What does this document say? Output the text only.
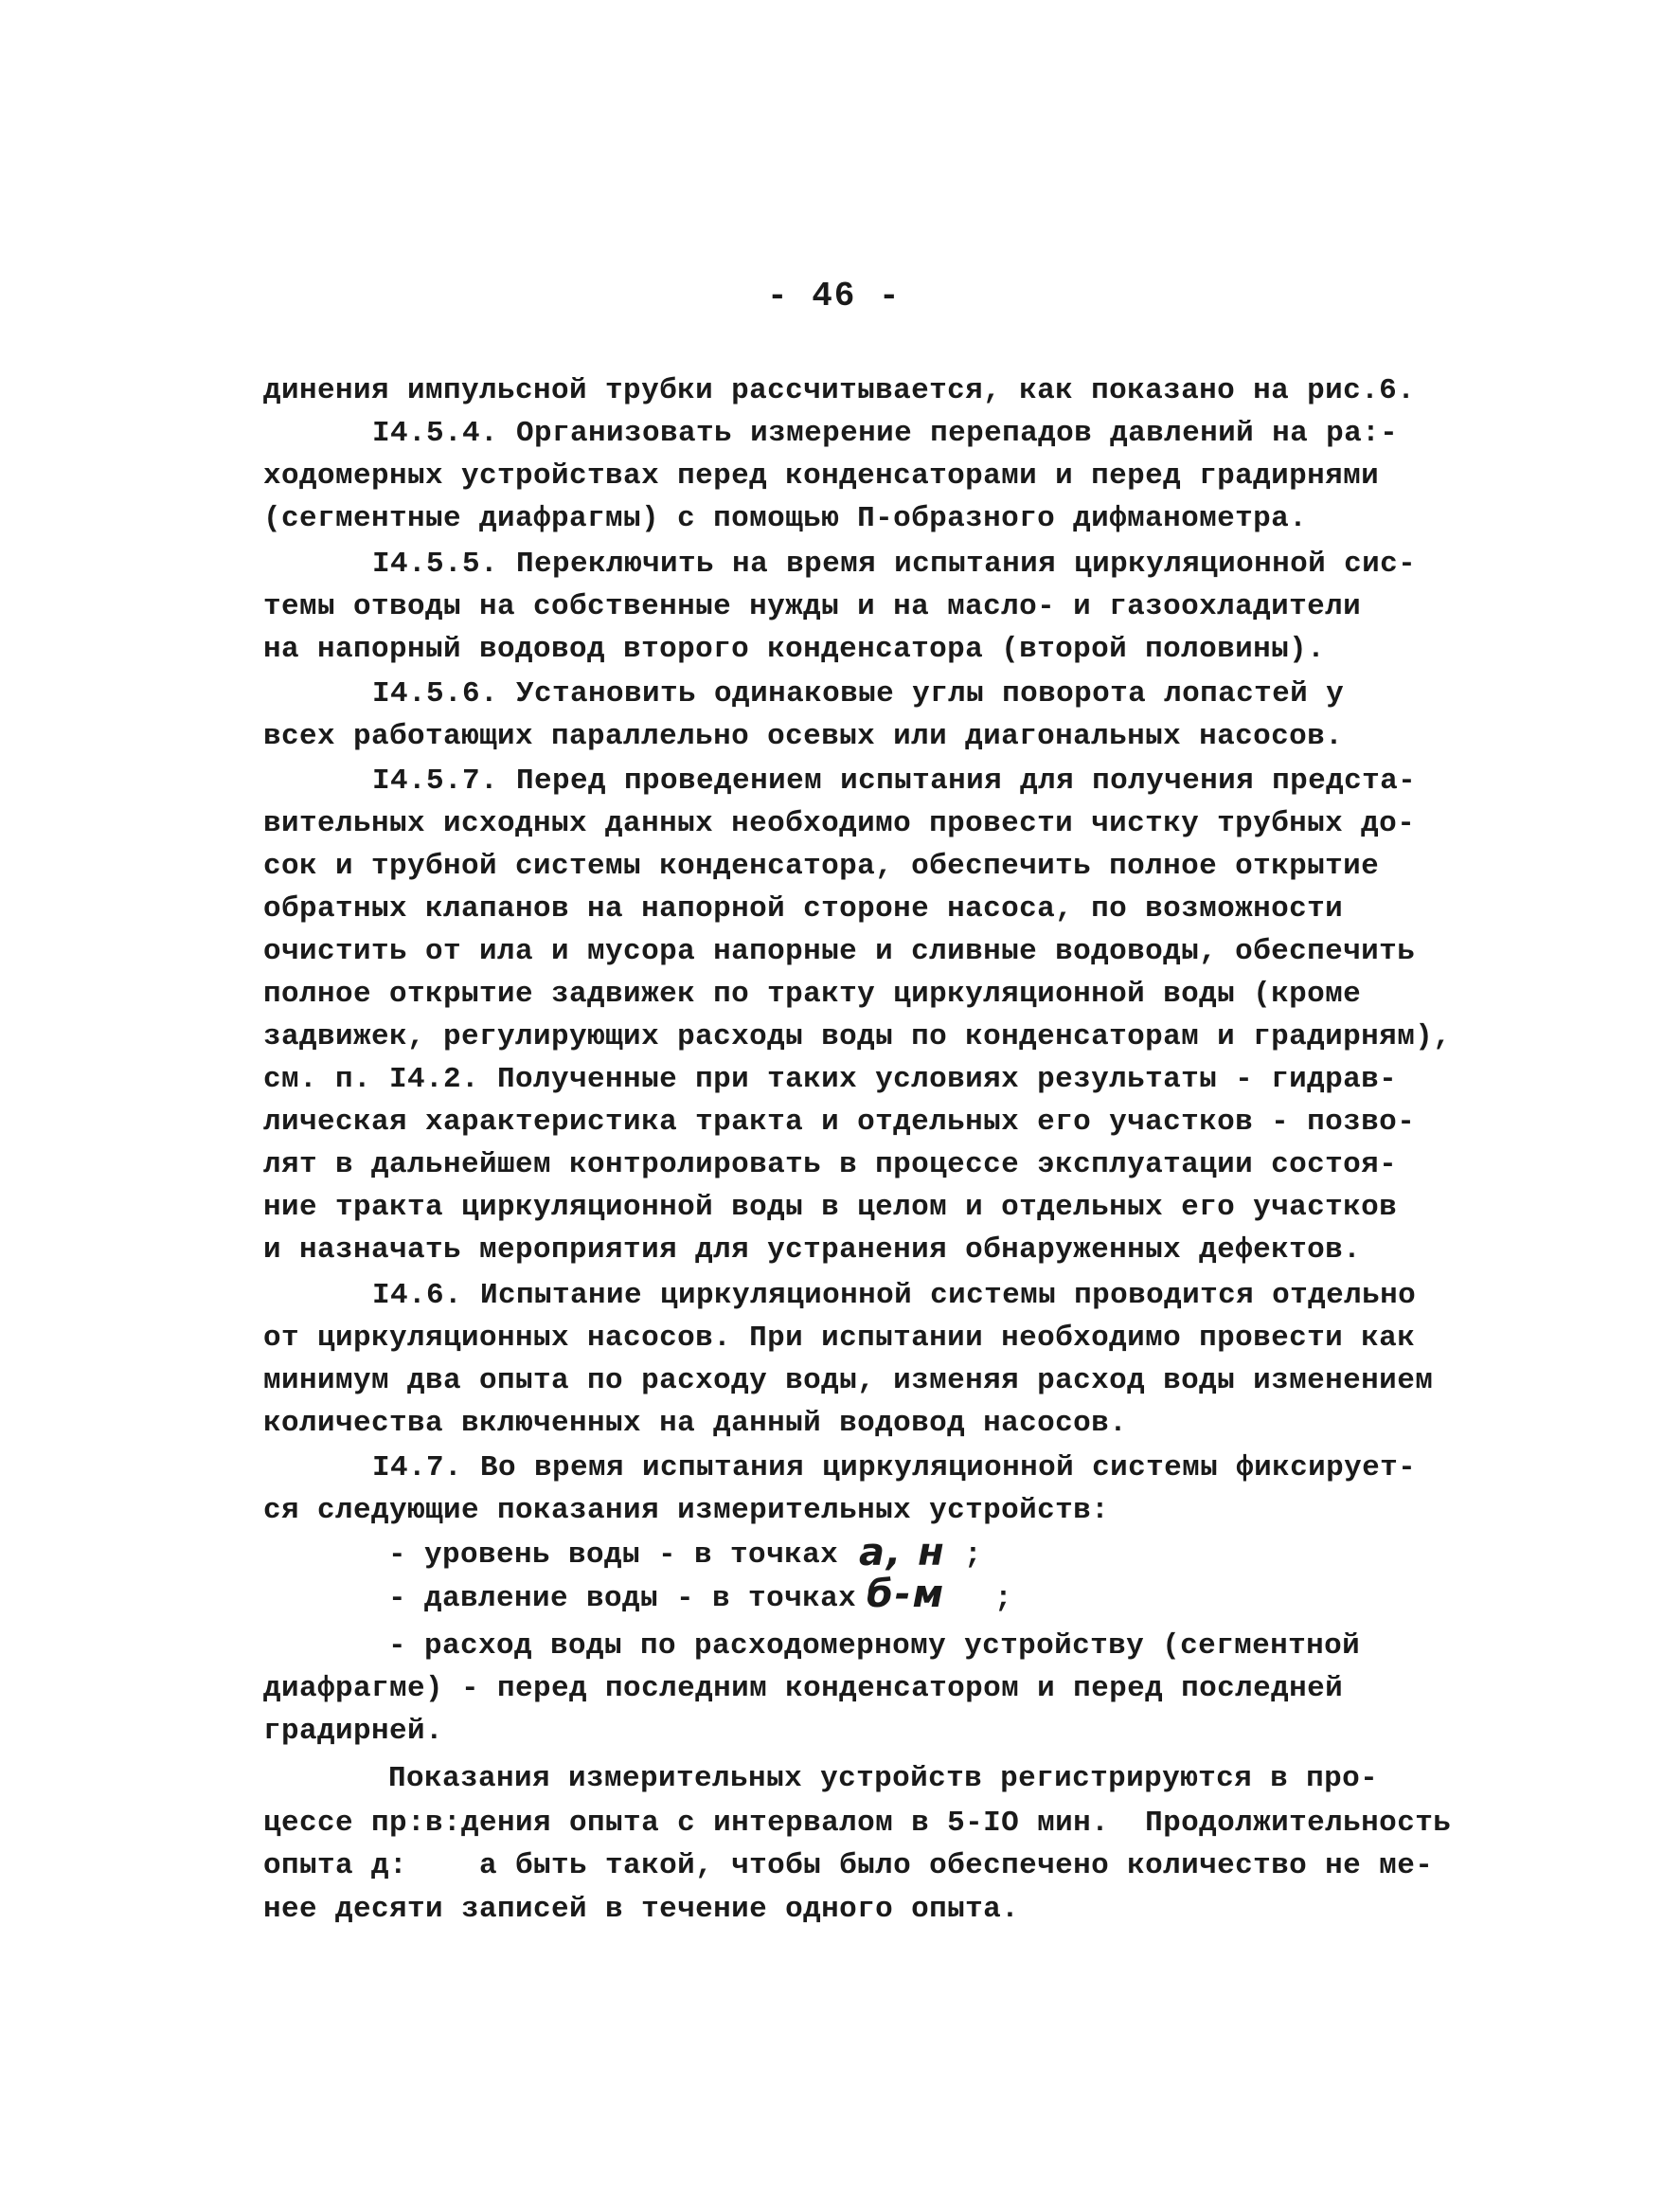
- 46 -
динения импульсной трубки рассчитывается, как показано на рис.6.
I4.5.4. Организовать измерение перепадов давлений на ра:-
ходомерных устройствах перед конденсаторами и перед градирнями
(сегментные диафрагмы) с помощью П-образного дифманометра.
I4.5.5. Переключить на время испытания циркуляционной сис-
темы отводы на собственные нужды и на масло- и газоохладители
на напорный водовод второго конденсатора (второй половины).
I4.5.6. Установить одинаковые углы поворота лопастей у
всех работающих параллельно осевых или диагональных насосов.
I4.5.7. Перед проведением испытания для получения предста-
вительных исходных данных необходимо провести чистку трубных до-
сок и трубной системы конденсатора, обеспечить полное открытие
обратных клапанов на напорной стороне насоса, по возможности
очистить от ила и мусора напорные и сливные водоводы, обеспечить
полное открытие задвижек по тракту циркуляционной воды (кроме
задвижек, регулирующих расходы воды по конденсаторам и градирням),
см. п. I4.2. Полученные при таких условиях результаты - гидрав-
лическая характеристика тракта и отдельных его участков - позво-
лят в дальнейшем контролировать в процессе эксплуатации состоя-
ние тракта циркуляционной воды в целом и отдельных его участков
и назначать мероприятия для устранения обнаруженных дефектов.
I4.6. Испытание циркуляционной системы проводится отдельно
от циркуляционных насосов. При испытании необходимо провести как
минимум два опыта по расходу воды, изменяя расход воды изменением
количества включенных на данный водовод насосов.
I4.7. Во время испытания циркуляционной системы фиксирует-
ся следующие показания измерительных устройств:
- уровень воды - в точках а, н ;
- давление воды - в точках б-м ;
- расход воды по расходомерному устройству (сегментной
диафрагме) - перед последним конденсатором и перед последней
градирней.
Показания измерительных устройств регистрируются в про-
цессе пр:в:дения опыта с интервалом в 5-IO мин.  Продолжительность
опыта д:    а быть такой, чтобы было обеспечено количество не ме-
нее десяти записей в течение одного опыта.
